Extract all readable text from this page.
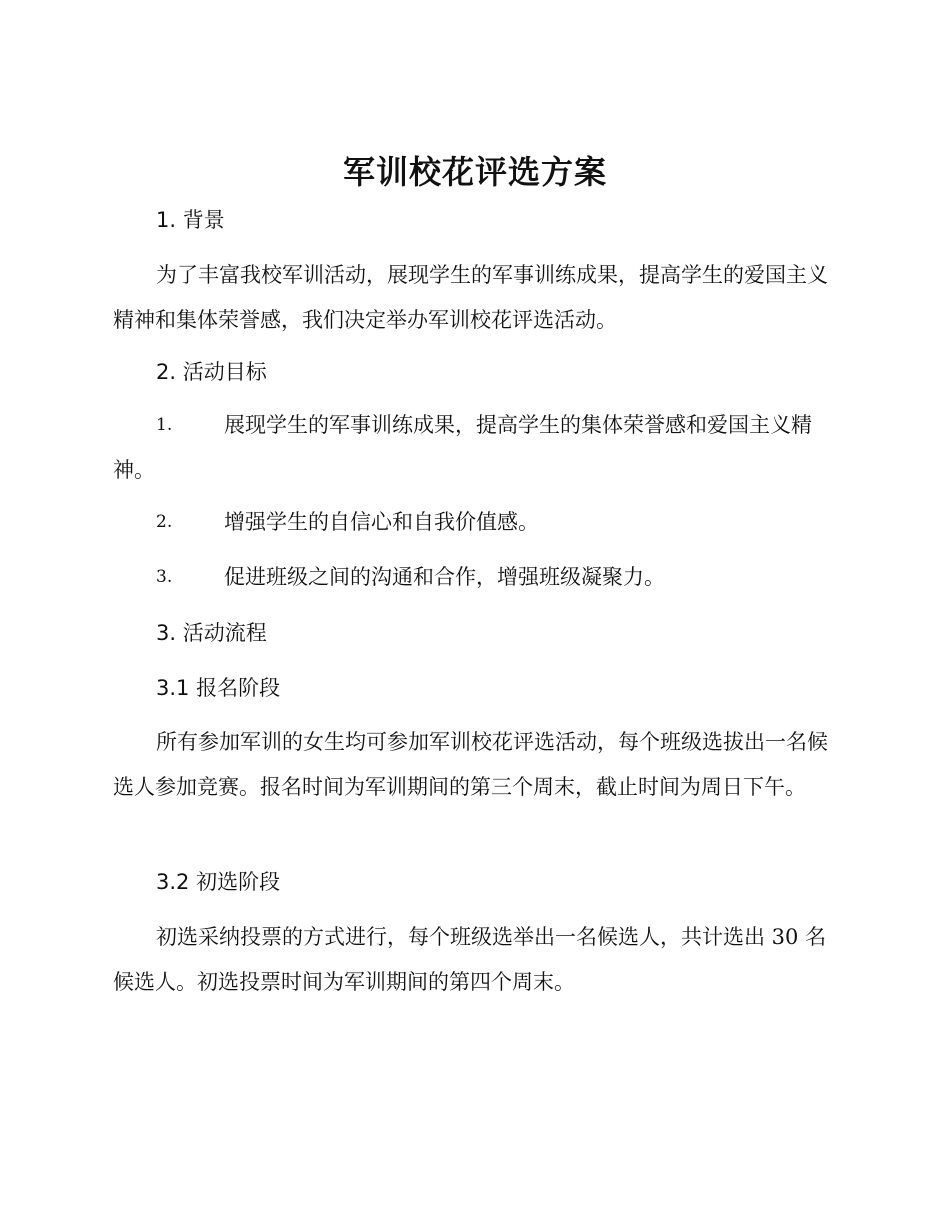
军训校花评选方案
1. 背景

为了丰富我校军训活动，展现学生的军事训练成果，提高学生的爱国主义精神和集体荣誉感，我们决定举办军训校花评选活动。

2. 活动目标
1.	展现学生的军事训练成果，提高学生的集体荣誉感和爱国主义精神。
2.	增强学生的自信心和自我价值感。
3.	促进班级之间的沟通和合作，增强班级凝聚力。
3. 活动流程
3.1 报名阶段

所有参加军训的女生均可参加军训校花评选活动，每个班级选拔出一名候选人参加竞赛。报名时间为军训期间的第三个周末，截止时间为周日下午。

3.2 初选阶段

初选采纳投票的方式进行，每个班级选举出一名候选人，共计选出 30 名候选人。初选投票时间为军训期间的第四个周末。
